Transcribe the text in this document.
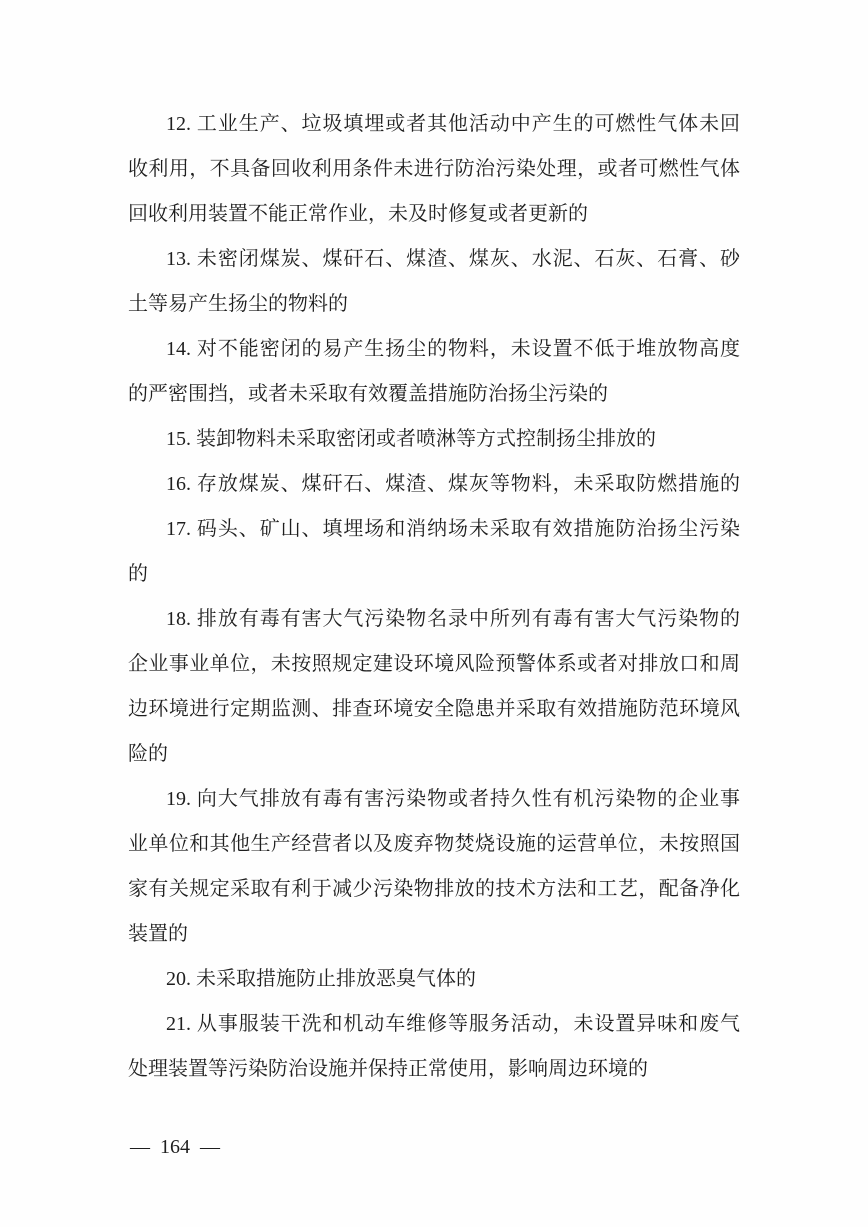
12. 工业生产、垃圾填埋或者其他活动中产生的可燃性气体未回
收利用，不具备回收利用条件未进行防治污染处理，或者可燃性气体
回收利用装置不能正常作业，未及时修复或者更新的

13. 未密闭煤炭、煤矸石、煤渣、煤灰、水泥、石灰、石膏、砂
土等易产生扬尘的物料的

14. 对不能密闭的易产生扬尘的物料，未设置不低于堆放物高度
的严密围挡，或者未采取有效覆盖措施防治扬尘污染的

15. 装卸物料未采取密闭或者喷淋等方式控制扬尘排放的

16. 存放煤炭、煤矸石、煤渣、煤灰等物料，未采取防燃措施的

17. 码头、矿山、填埋场和消纳场未采取有效措施防治扬尘污染
的

18. 排放有毒有害大气污染物名录中所列有毒有害大气污染物的
企业事业单位，未按照规定建设环境风险预警体系或者对排放口和周
边环境进行定期监测、排查环境安全隐患并采取有效措施防范环境风
险的

19. 向大气排放有毒有害污染物或者持久性有机污染物的企业事
业单位和其他生产经营者以及废弃物焚烧设施的运营单位，未按照国
家有关规定采取有利于减少污染物排放的技术方法和工艺，配备净化
装置的

20. 未采取措施防止排放恶臭气体的

21. 从事服装干洗和机动车维修等服务活动，未设置异味和废气
处理装置等污染防治设施并保持正常使用，影响周边环境的

— 164 —
